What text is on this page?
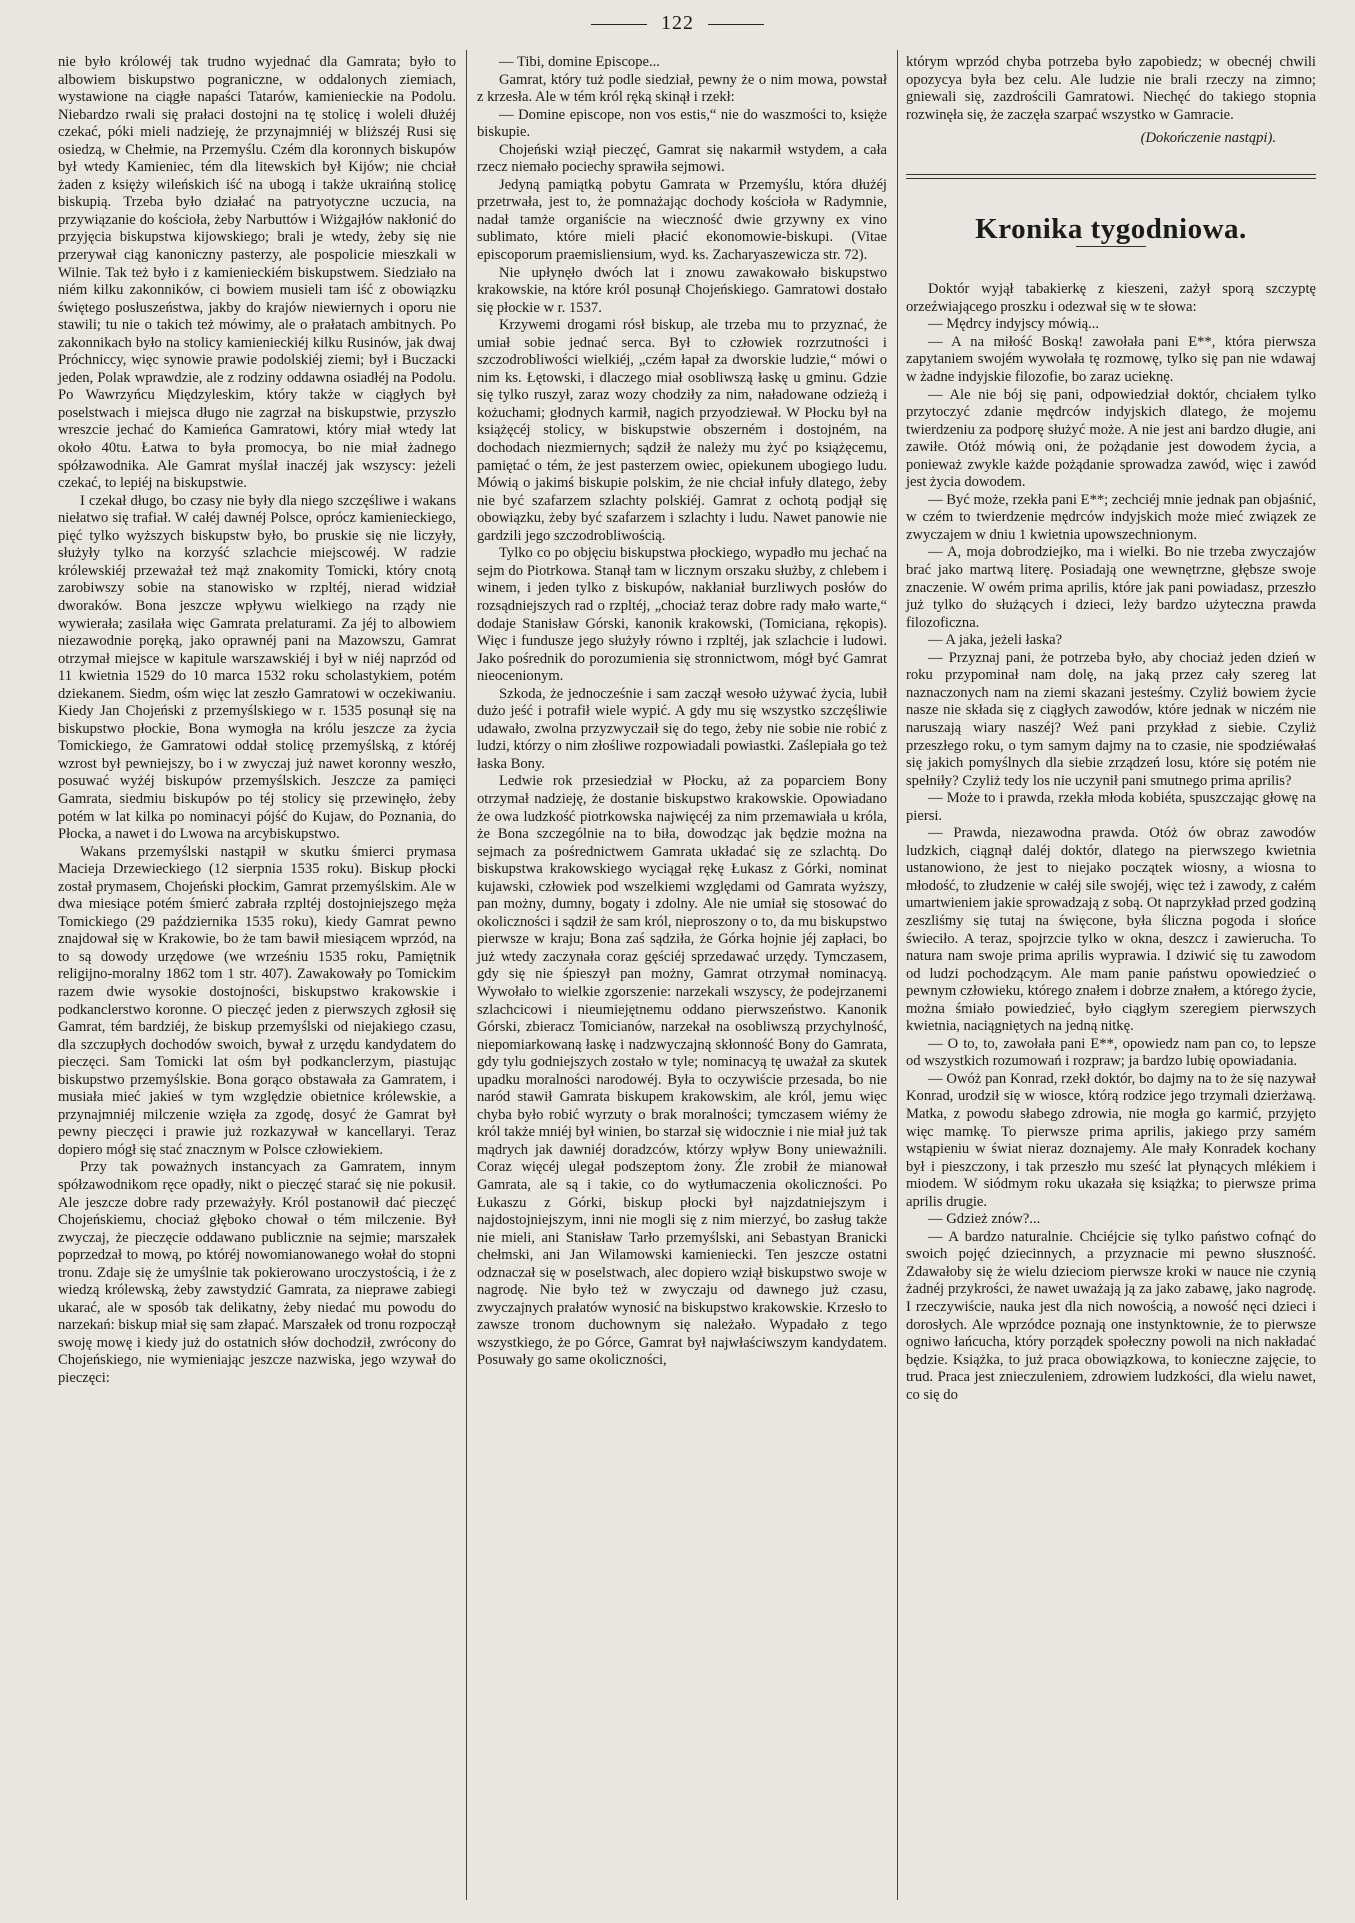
122

nie było królowéj tak trudno wyjednać dla Gamrata; było to albowiem biskupstwo pograniczne, w oddalonych ziemiach, wystawione na ciągłe napaści Tatarów, kamienieckie na Podolu. Niebardzo rwali się prałaci dostojni na tę stolicę i woleli dłużéj czekać, póki mieli nadzieję, że przynajmniéj w bliższéj Rusi się osiedzą, w Chełmie, na Przemyślu. Czém dla koronnych biskupów był wtedy Kamieniec, tém dla litewskich był Kijów; nie chciał żaden z księży wileńskich iść na ubogą i także ukraińną stolicę biskupią. Trzeba było działać na patryotyczne uczucia, na przywiązanie do kościoła, żeby Narbuttów i Wiżgajłów nakłonić do przyjęcia biskupstwa kijowskiego; brali je wtedy, żeby się nie przerywał ciąg kanoniczny pasterzy, ale pospolicie mieszkali w Wilnie. Tak też było i z kamienieckiém biskupstwem. Siedziało na niém kilku zakonników, ci bowiem musieli tam iść z obowiązku świętego posłuszeństwa, jakby do krajów niewiernych i oporu nie stawili; tu nie o takich też mówimy, ale o prałatach ambitnych. Po zakonnikach było na stolicy kamienieckiéj kilku Rusinów, jak dwaj Próchniccy, więc synowie prawie podolskiéj ziemi; był i Buczacki jeden, Polak wprawdzie, ale z rodziny oddawna osiadłéj na Podolu. Po Wawrzyńcu Międzyleskim, który także w ciągłych był poselstwach i miejsca długo nie zagrzał na biskupstwie, przyszło wreszcie jechać do Kamieńca Gamratowi, który miał wtedy lat około 40tu. Łatwa to była promocya, bo nie miał żadnego spółzawodnika. Ale Gamrat myślał inaczéj jak wszyscy: jeżeli czekać, to lepiéj na biskupstwie.

I czekał długo, bo czasy nie były dla niego szczęśliwe i wakans niełatwo się trafiał. W całéj dawnéj Polsce, oprócz kamienieckiego, pięć tylko wyższych biskupstw było, bo pruskie się nie liczyły, służyły tylko na korzyść szlachcie miejscowéj. W radzie królewskiéj przeważał też mąż znakomity Tomicki, który cnotą zarobiwszy sobie na stanowisko w rzpltéj, nierad widział dworaków. Bona jeszcze wpływu wielkiego na rządy nie wywierała; zasilała więc Gamrata prelaturami. Za jéj to albowiem niezawodnie poręką, jako oprawnéj pani na Mazowszu, Gamrat otrzymał miejsce w kapitule warszawskiéj i był w niéj naprzód od 11 kwietnia 1529 do 10 marca 1532 roku scholastykiem, potém dziekanem. Siedm, ośm więc lat zeszło Gamratowi w oczekiwaniu. Kiedy Jan Chojeński z przemyślskiego w r. 1535 posunął się na biskupstwo płockie, Bona wymogła na królu jeszcze za życia Tomickiego, że Gamratowi oddał stolicę przemyślską, z któréj wzrost był pewniejszy, bo i w zwyczaj już nawet koronny weszło, posuwać wyżéj biskupów przemyślskich. Jeszcze za pamięci Gamrata, siedmiu biskupów po téj stolicy się przewinęło, żeby potém w lat kilka po nominacyi pójść do Kujaw, do Poznania, do Płocka, a nawet i do Lwowa na arcybiskupstwo.

Wakans przemyślski nastąpił w skutku śmierci prymasa Macieja Drzewieckiego (12 sierpnia 1535 roku). Biskup płocki został prymasem, Chojeński płockim, Gamrat przemyślskim. Ale w dwa miesiące potém śmierć zabrała rzpltéj dostojniejszego męża Tomickiego (29 października 1535 roku), kiedy Gamrat pewno znajdował się w Krakowie, bo że tam bawił miesiącem wprzód, na to są dowody urzędowe (we wrześniu 1535 roku, Pamiętnik religijno-moralny 1862 tom 1 str. 407). Zawakowały po Tomickim razem dwie wysokie dostojności, biskupstwo krakowskie i podkanclerstwo koronne. O pieczęć jeden z pierwszych zgłosił się Gamrat, tém bardziéj, że biskup przemyślski od niejakiego czasu, dla szczupłych dochodów swoich, bywał z urzędu kandydatem do pieczęci. Sam Tomicki lat ośm był podkanclerzym, piastując biskupstwo przemyślskie. Bona gorąco obstawała za Gamratem, i musiała mieć jakieś w tym względzie obietnice królewskie, a przynajmniéj milczenie wzięła za zgodę, dosyć że Gamrat był pewny pieczęci i prawie już rozkazywał w kancellaryi. Teraz dopiero mógł się stać znacznym w Polsce człowiekiem.

Przy tak poważnych instancyach za Gamratem, innym spółzawodnikom ręce opadły, nikt o pieczęć starać się nie pokusił. Ale jeszcze dobre rady przeważyły. Król postanowił dać pieczęć Chojeńskiemu, chociaż głęboko chował o tém milczenie. Był zwyczaj, że pieczęcie oddawano publicznie na sejmie; marszałek poprzedzał to mową, po któréj nowomianowanego wołał do stopni tronu. Zdaje się że umyślnie tak pokierowano uroczystością, i że z wiedzą królewską, żeby zawstydzić Gamrata, za nieprawe zabiegi ukarać, ale w sposób tak delikatny, żeby niedać mu powodu do narzekań: biskup miał się sam złapać. Marszałek od tronu rozpoczął swoję mowę i kiedy już do ostatnich słów dochodził, zwrócony do Chojeńskiego, nie wymieniając jeszcze nazwiska, jego wzywał do pieczęci:

— Tibi, domine Episcope...

Gamrat, który tuż podle siedział, pewny że o nim mowa, powstał z krzesła. Ale w tém król ręką skinął i rzekł:

— Domine episcope, non vos estis,“ nie do waszmości to, księże biskupie.

Chojeński wziął pieczęć, Gamrat się nakarmił wstydem, a cała rzecz niemało pociechy sprawiła sejmowi.

Jedyną pamiątką pobytu Gamrata w Przemyślu, która dłużéj przetrwała, jest to, że pomnażając dochody kościoła w Radymnie, nadał tamże organiście na wieczność dwie grzywny ex vino sublimato, które mieli płacić ekonomowie-biskupi. (Vitae episcoporum praemisliensium, wyd. ks. Zacharyaszewicza str. 72).

Nie upłynęło dwóch lat i znowu zawakowało biskupstwo krakowskie, na które król posunął Chojeńskiego. Gamratowi dostało się płockie w r. 1537.

Krzywemi drogami rósł biskup, ale trzeba mu to przyznać, że umiał sobie jednać serca. Był to człowiek rozrzutności i szczodrobliwości wielkiéj, „czém łapał za dworskie ludzie,“ mówi o nim ks. Łętowski, i dlaczego miał osobliwszą łaskę u gminu. Gdzie się tylko ruszył, zaraz wozy chodziły za nim, naładowane odzieżą i kożuchami; głodnych karmił, nagich przyodziewał. W Płocku był na książęcéj stolicy, w biskupstwie obszerném i dostojném, na dochodach niezmiernych; sądził że należy mu żyć po książęcemu, pamiętać o tém, że jest pasterzem owiec, opiekunem ubogiego ludu. Mówią o jakimś biskupie polskim, że nie chciał infuły dlatego, żeby nie być szafarzem szlachty polskiéj. Gamrat z ochotą podjął się obowiązku, żeby być szafarzem i szlachty i ludu. Nawet panowie nie gardzili jego szczodrobliwością.

Tylko co po objęciu biskupstwa płockiego, wypadło mu jechać na sejm do Piotrkowa. Stanął tam w licznym orszaku służby, z chlebem i winem, i jeden tylko z biskupów, nakłaniał burzliwych posłów do rozsądniejszych rad o rzpltéj, „chociaż teraz dobre rady mało warte,“ dodaje Stanisław Górski, kanonik krakowski, (Tomiciana, rękopis). Więc i fundusze jego służyły równo i rzpltéj, jak szlachcie i ludowi. Jako pośrednik do porozumienia się stronnictwom, mógł być Gamrat nieocenionym.

Szkoda, że jednocześnie i sam zaczął wesoło używać życia, lubił dużo jeść i potrafił wiele wypić. A gdy mu się wszystko szczęśliwie udawało, zwolna przyzwyczaił się do tego, żeby nie sobie nie robić z ludzi, którzy o nim złośliwe rozpowiadali powiastki. Zaślepiała go też łaska Bony.

Ledwie rok przesiedział w Płocku, aż za poparciem Bony otrzymał nadzieję, że dostanie biskupstwo krakowskie. Opowiadano że owa ludzkość piotrkowska najwięcéj za nim przemawiała u króla, że Bona szczególnie na to biła, dowodząc jak będzie można na sejmach za pośrednictwem Gamrata układać się ze szlachtą. Do biskupstwa krakowskiego wyciągał rękę Łukasz z Górki, nominat kujawski, człowiek pod wszelkiemi względami od Gamrata wyższy, pan możny, dumny, bogaty i zdolny. Ale nie umiał się stosować do okoliczności i sądził że sam król, nieproszony o to, da mu biskupstwo pierwsze w kraju; Bona zaś sądziła, że Górka hojnie jéj zapłaci, bo już wtedy zaczynała coraz gęściéj sprzedawać urzędy. Tymczasem, gdy się nie śpieszył pan możny, Gamrat otrzymał nominacyą. Wywołało to wielkie zgorszenie: narzekali wszyscy, że podejrzanemi szlachcicowi i nieumiejętnemu oddano pierwszeństwo. Kanonik Górski, zbieracz Tomicianów, narzekał na osobliwszą przychylność, niepomiarkowaną łaskę i nadzwyczajną skłonność Bony do Gamrata, gdy tylu godniejszych zostało w tyle; nominacyą tę uważał za skutek upadku moralności narodowéj. Była to oczywiście przesada, bo nie naród stawił Gamrata biskupem krakowskim, ale król, jemu więc chyba było robić wyrzuty o brak moralności; tymczasem wiémy że król także mniéj był winien, bo starzał się widocznie i nie miał już tak mądrych jak dawniéj doradzców, którzy wpływ Bony unieważnili. Coraz więcéj ulegał podszeptom żony. Źle zrobił że mianował Gamrata, ale są i takie, co do wytłumaczenia okoliczności. Po Łukaszu z Górki, biskup płocki był najzdatniejszym i najdostojniejszym, inni nie mogli się z nim mierzyć, bo zasług także nie mieli, ani Stanisław Tarło przemyślski, ani Sebastyan Branicki chełmski, ani Jan Wilamowski kamieniecki. Ten jeszcze ostatni odznaczał się w poselstwach, alec dopiero wziął biskupstwo swoje w nagrodę. Nie było też w zwyczaju od dawnego już czasu, zwyczajnych prałatów wynosić na biskupstwo krakowskie. Krzesło to zawsze tronom duchownym się należało. Wypadało z tego wszystkiego, że po Górce, Gamrat był najwłaściwszym kandydatem. Posuwały go same okoliczności,

którym wprzód chyba potrzeba było zapobiedz; w obecnéj chwili opozycya była bez celu. Ale ludzie nie brali rzeczy na zimno; gniewali się, zazdrościli Gamratowi. Niechęć do takiego stopnia rozwinęła się, że zaczęła szarpać wszystko w Gamracie.

(Dokończenie nastąpi).

Kronika tygodniowa.

Doktór wyjął tabakierkę z kieszeni, zażył sporą szczyptę orzeźwiającego proszku i odezwał się w te słowa:

— Mędrcy indyjscy mówią...

— A na miłość Boską! zawołała pani E**, która pierwsza zapytaniem swojém wywołała tę rozmowę, tylko się pan nie wdawaj w żadne indyjskie filozofie, bo zaraz ucieknę.

— Ale nie bój się pani, odpowiedział doktór, chciałem tylko przytoczyć zdanie mędrców indyjskich dlatego, że mojemu twierdzeniu za podporę służyć może. A nie jest ani bardzo długie, ani zawiłe. Otóż mówią oni, że pożądanie jest dowodem życia, a ponieważ zwykle każde pożądanie sprowadza zawód, więc i zawód jest życia dowodem.

— Być może, rzekła pani E**; zechciéj mnie jednak pan objaśnić, w czém to twierdzenie mędrców indyjskich może mieć związek ze zwyczajem w dniu 1 kwietnia upowszechnionym.

— A, moja dobrodziejko, ma i wielki. Bo nie trzeba zwyczajów brać jako martwą literę. Posiadają one wewnętrzne, głębsze swoje znaczenie. W owém prima aprilis, które jak pani powiadasz, przeszło już tylko do służących i dzieci, leży bardzo użyteczna prawda filozoficzna.

— A jaka, jeżeli łaska?

— Przyznaj pani, że potrzeba było, aby chociaż jeden dzień w roku przypominał nam dolę, na jaką przez cały szereg lat naznaczonych nam na ziemi skazani jesteśmy. Czyliż bowiem życie nasze nie składa się z ciągłych zawodów, które jednak w niczém nie naruszają wiary naszéj? Weź pani przykład z siebie. Czyliż przeszłego roku, o tym samym dajmy na to czasie, nie spodziéwałaś się jakich pomyślnych dla siebie zrządzeń losu, które się potém nie spełniły? Czyliż tedy los nie uczynił pani smutnego prima aprilis?

— Może to i prawda, rzekła młoda kobiéta, spuszczając głowę na piersi.

— Prawda, niezawodna prawda. Otóż ów obraz zawodów ludzkich, ciągnął daléj doktór, dlatego na pierwszego kwietnia ustanowiono, że jest to niejako początek wiosny, a wiosna to młodość, to złudzenie w całéj sile swojéj, więc też i zawody, z całém umartwieniem jakie sprowadzają z sobą. Ot naprzykład przed godziną zeszliśmy się tutaj na święcone, była śliczna pogoda i słońce świeciło. A teraz, spojrzcie tylko w okna, deszcz i zawierucha. To natura nam swoje prima aprilis wyprawia. I dziwić się tu zawodom od ludzi pochodzącym. Ale mam panie państwu opowiedzieć o pewnym człowieku, którego znałem i dobrze znałem, a którego życie, można śmiało powiedzieć, było ciągłym szeregiem pierwszych kwietnia, naciągniętych na jedną nitkę.

— O to, to, zawołała pani E**, opowiedz nam pan co, to lepsze od wszystkich rozumowań i rozpraw; ja bardzo lubię opowiadania.

— Owóż pan Konrad, rzekł doktór, bo dajmy na to że się nazywał Konrad, urodził się w wiosce, którą rodzice jego trzymali dzierżawą. Matka, z powodu słabego zdrowia, nie mogła go karmić, przyjęto więc mamkę. To pierwsze prima aprilis, jakiego przy samém wstąpieniu w świat nieraz doznajemy. Ale mały Konradek kochany był i pieszczony, i tak przeszło mu sześć lat płynących mlékiem i miodem. W siódmym roku ukazała się książka; to pierwsze prima aprilis drugie.

— Gdzież znów?...

— A bardzo naturalnie. Chciéjcie się tylko państwo cofnąć do swoich pojęć dziecinnych, a przyznacie mi pewno słuszność. Zdawałoby się że wielu dzieciom pierwsze kroki w nauce nie czynią żadnéj przykrości, że nawet uważają ją za jako zabawę, jako nagrodę. I rzeczywiście, nauka jest dla nich nowością, a nowość nęci dzieci i dorosłych. Ale wprzódce poznają one instynktownie, że to pierwsze ogniwo łańcucha, który porządek społeczny powoli na nich nakładać będzie. Książka, to już praca obowiązkowa, to konieczne zajęcie, to trud. Praca jest znieczuleniem, zdrowiem ludzkości, dla wielu nawet, co się do
